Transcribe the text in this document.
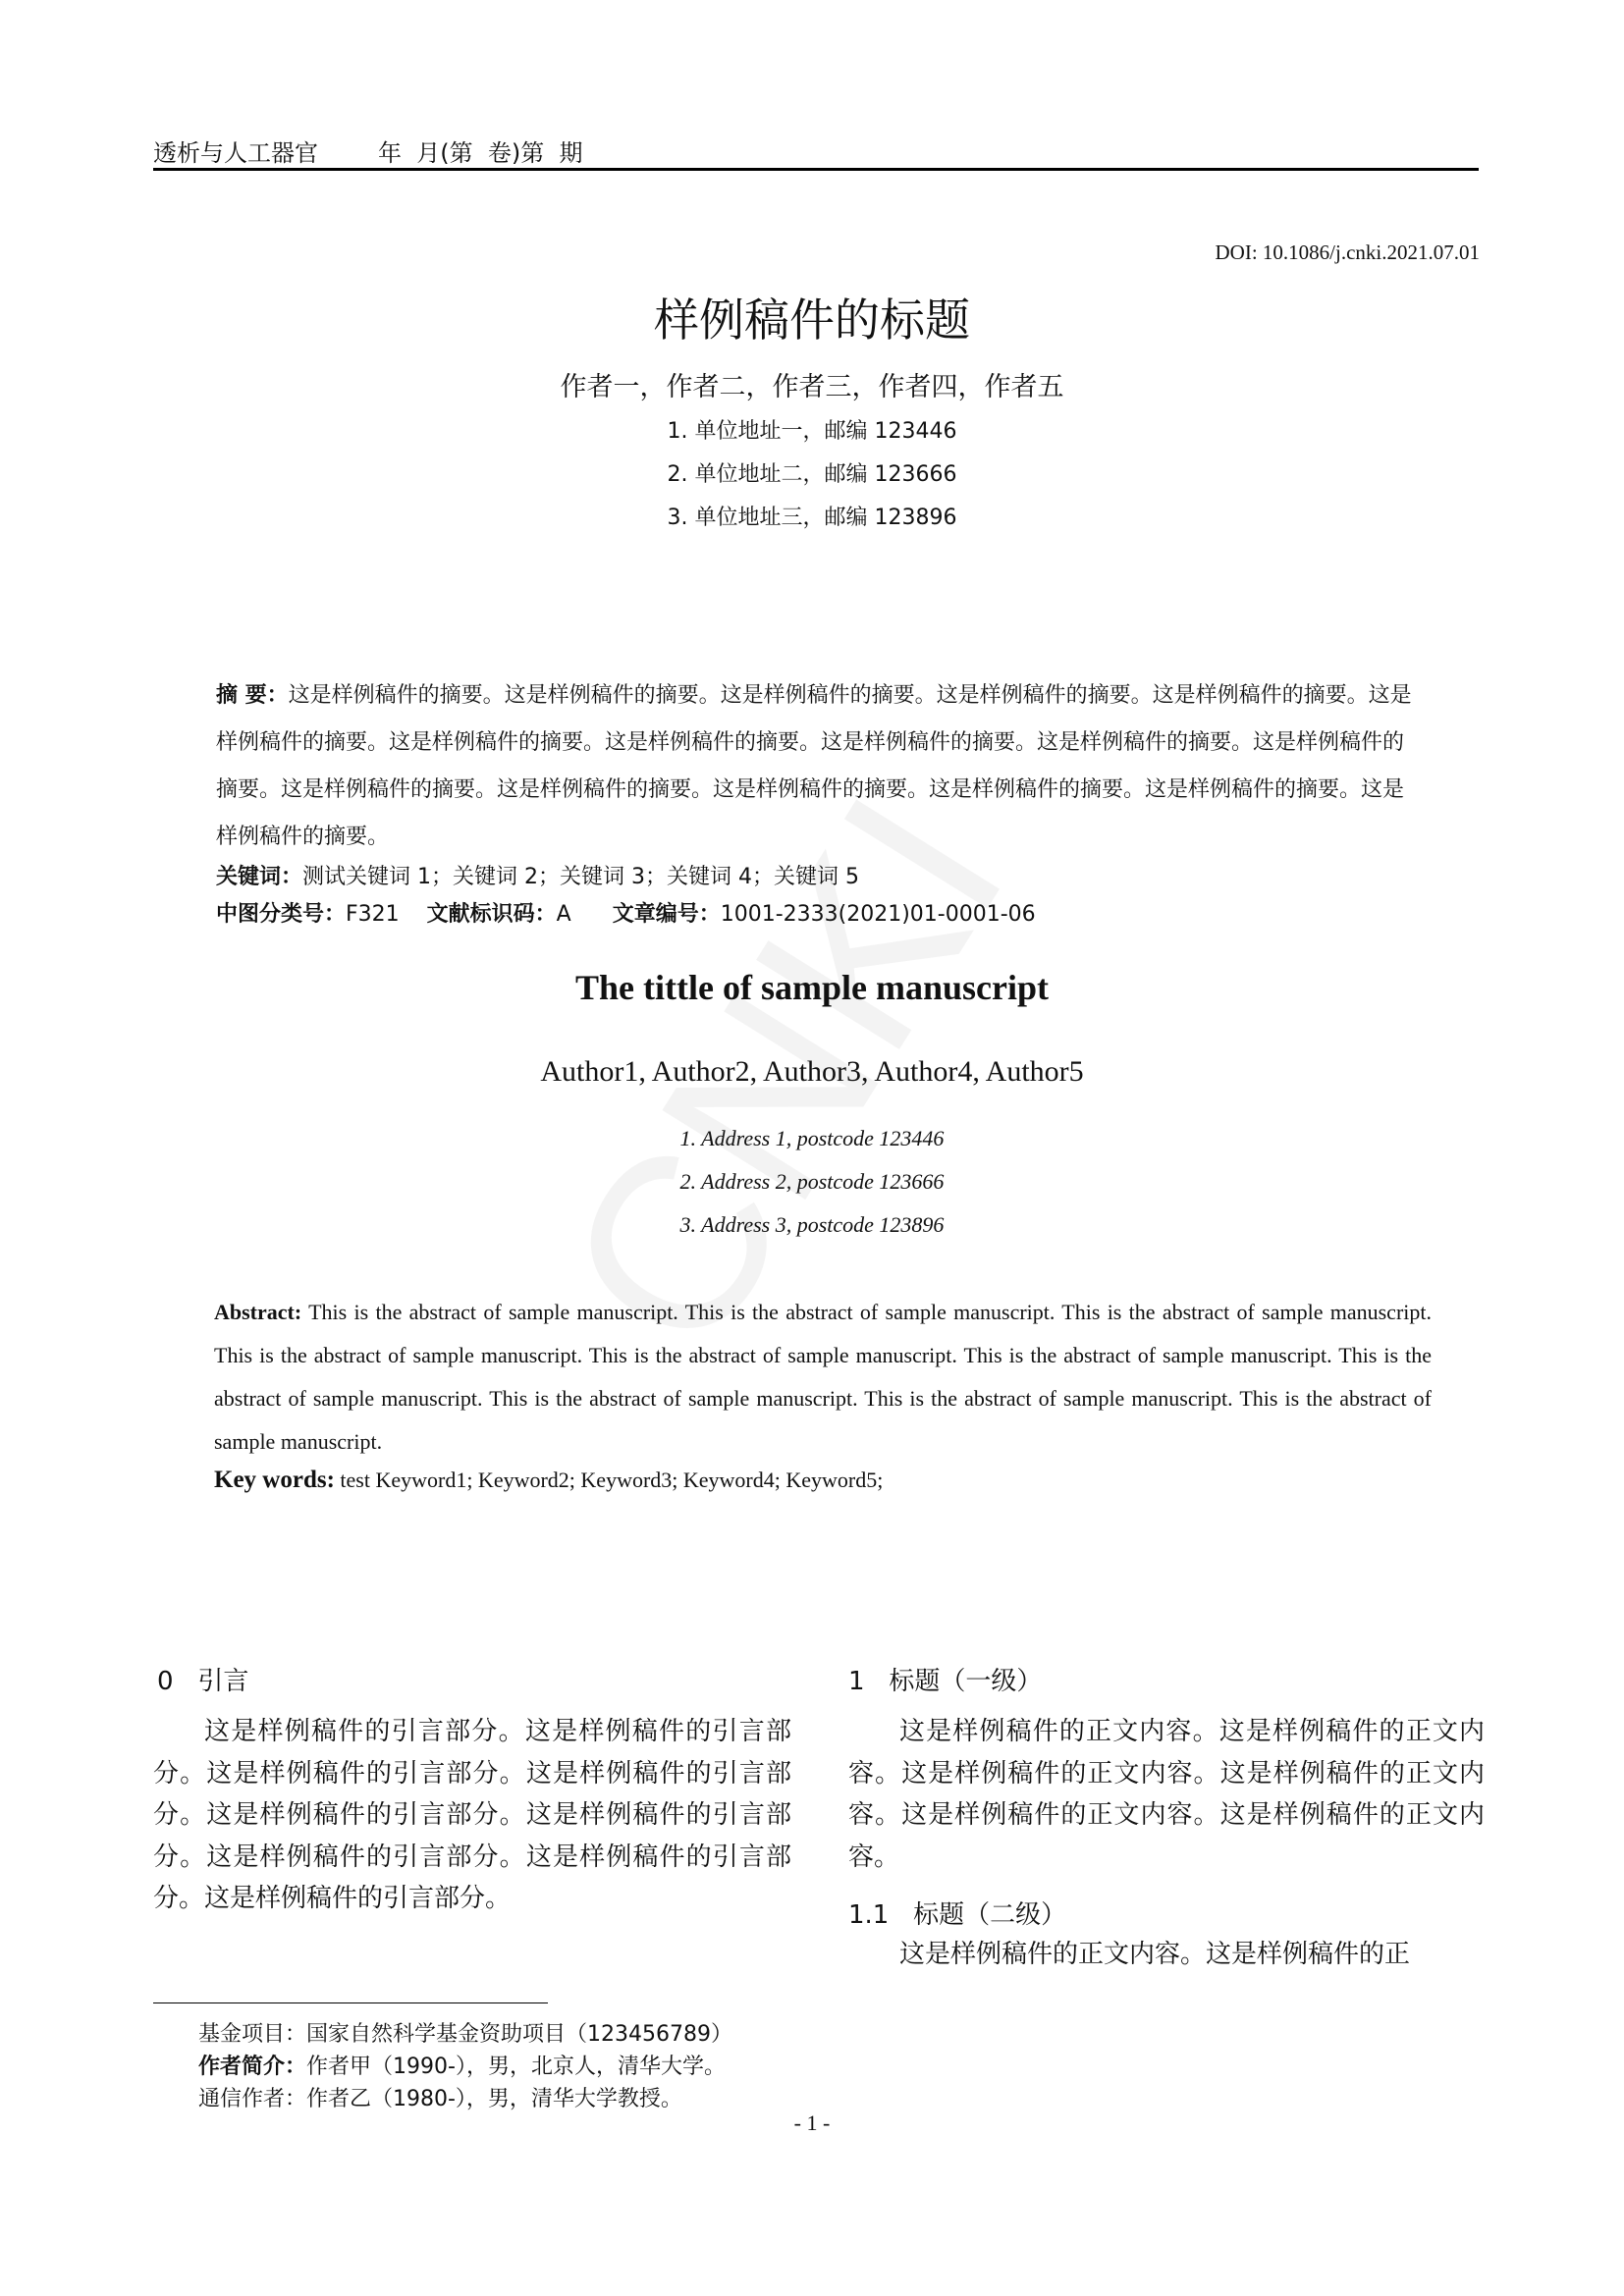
透析与人工器官	年  月(第  卷)第  期
DOI: 10.1086/j.cnki.2021.07.01
样例稿件的标题
作者一，作者二，作者三，作者四，作者五
1. 单位地址一，邮编 123446
2. 单位地址二，邮编 123666
3. 单位地址三，邮编 123896
摘 要：这是样例稿件的摘要。这是样例稿件的摘要。这是样例稿件的摘要。这是样例稿件的摘要。这是样例稿件的摘要。这是样例稿件的摘要。这是样例稿件的摘要。这是样例稿件的摘要。这是样例稿件的摘要。这是样例稿件的摘要。这是样例稿件的摘要。这是样例稿件的摘要。这是样例稿件的摘要。这是样例稿件的摘要。这是样例稿件的摘要。这是样例稿件的摘要。这是样例稿件的摘要。
关键词：测试关键词 1；关键词 2；关键词 3；关键词 4；关键词 5
中图分类号：F321 文献标识码：A 文章编号：1001-2333(2021)01-0001-06
The tittle of sample manuscript
Author1, Author2, Author3, Author4, Author5
1. Address 1, postcode 123446
2. Address 2, postcode 123666
3. Address 3, postcode 123896
Abstract: This is the abstract of sample manuscript. This is the abstract of sample manuscript. This is the abstract of sample manuscript. This is the abstract of sample manuscript. This is the abstract of sample manuscript. This is the abstract of sample manuscript. This is the abstract of sample manuscript. This is the abstract of sample manuscript. This is the abstract of sample manuscript. This is the abstract of sample manuscript.
Key words: test Keyword1; Keyword2; Keyword3; Keyword4; Keyword5;
0   引言
这是样例稿件的引言部分。这是样例稿件的引言部分。这是样例稿件的引言部分。这是样例稿件的引言部分。这是样例稿件的引言部分。这是样例稿件的引言部分。这是样例稿件的引言部分。这是样例稿件的引言部分。这是样例稿件的引言部分。
1   标题（一级）
这是样例稿件的正文内容。这是样例稿件的正文内容。这是样例稿件的正文内容。这是样例稿件的正文内容。这是样例稿件的正文内容。这是样例稿件的正文内容。
1.1   标题（二级）
这是样例稿件的正文内容。这是样例稿件的正
基金项目：国家自然科学基金资助项目（123456789）
作者简介：作者甲（1990-），男，北京人，清华大学。
通信作者：作者乙（1980-），男，清华大学教授。
- 1 -
